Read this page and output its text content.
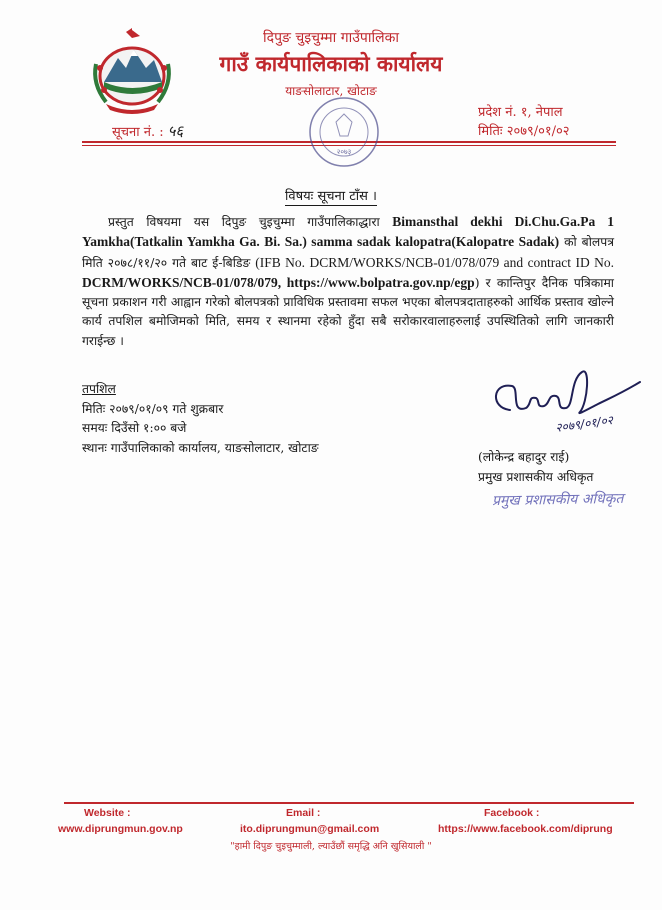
दिपुङ चुइचुम्मा गाउँपालिका
गाउँ कार्यपालिकाको कार्यालय
याङसोलाटार, खोटाङ
सूचना नं. : ५६
प्रदेश नं. १, नेपाल
मितिः २०७९/०१/०२
२०७३
विषयः सूचना टाँस ।
प्रस्तुत विषयमा यस दिपुङ चुइचुम्मा गाउँपालिकाद्धारा Bimansthal dekhi Di.Chu.Ga.Pa 1 Yamkha(Tatkalin Yamkha Ga. Bi. Sa.) samma sadak kalopatra(Kalopatre Sadak) को बोलपत्र मिति २०७८/११/२० गते बाट ई-बिडिङ (IFB No. DCRM/WORKS/NCB-01/078/079 and contract ID No. DCRM/WORKS/NCB-01/078/079, https://www.bolpatra.gov.np/egp) र कान्तिपुर दैनिक पत्रिकामा सूचना प्रकाशन गरी आह्वान गरेको बोलपत्रको प्राविधिक प्रस्तावमा सफल भएका बोलपत्रदाताहरुको आर्थिक प्रस्ताव खोल्ने कार्य तपशिल बमोजिमको मिति, समय र स्थानमा रहेको हुँदा सबै सरोकारवालाहरुलाई उपस्थितिको लागि जानकारी गराईन्छ ।
तपशिल
मितिः २०७९/०१/०९ गते शुक्रबार
समयः दिउँसो १:०० बजे
स्थानः गाउँपालिकाको कार्यालय, याङसोलाटार, खोटाङ
२०७९/०१/०२
(लोकेन्द्र बहादुर राई)
प्रमुख प्रशासकीय अधिकृत
प्रमुख प्रशासकीय अधिकृत
Website :
www.diprungmun.gov.np
Email :
ito.diprungmun@gmail.com
Facebook :
https://www.facebook.com/diprung
"हामी दिपुङ चुइचुम्माली, ल्याउँछौं समृद्धि अनि खुसियाली "
